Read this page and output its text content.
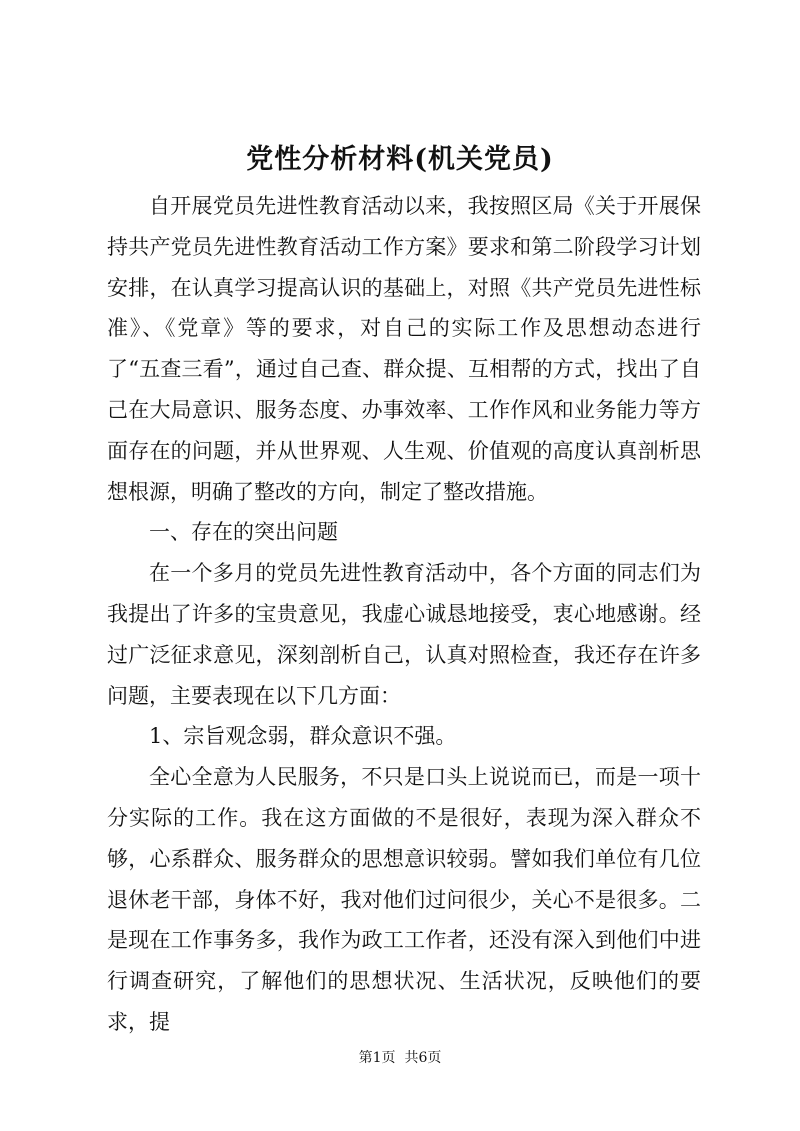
党性分析材料(机关党员)

自开展党员先进性教育活动以来，我按照区局《关于开展保持共产党员先进性教育活动工作方案》要求和第二阶段学习计划安排，在认真学习提高认识的基础上，对照《共产党员先进性标准》、《党章》等的要求，对自己的实际工作及思想动态进行了“五查三看”，通过自己查、群众提、互相帮的方式，找出了自己在大局意识、服务态度、办事效率、工作作风和业务能力等方面存在的问题，并从世界观、人生观、价值观的高度认真剖析思想根源，明确了整改的方向，制定了整改措施。

一、存在的突出问题

在一个多月的党员先进性教育活动中，各个方面的同志们为我提出了许多的宝贵意见，我虚心诚恳地接受，衷心地感谢。经过广泛征求意见，深刻剖析自己，认真对照检查，我还存在许多问题，主要表现在以下几方面：

1、宗旨观念弱，群众意识不强。

全心全意为人民服务，不只是口头上说说而已，而是一项十分实际的工作。我在这方面做的不是很好，表现为深入群众不够，心系群众、服务群众的思想意识较弱。譬如我们单位有几位退休老干部，身体不好，我对他们过问很少，关心不是很多。二是现在工作事务多，我作为政工工作者，还没有深入到他们中进行调查研究，了解他们的思想状况、生活状况，反映他们的要求，提

第1页  共6页
